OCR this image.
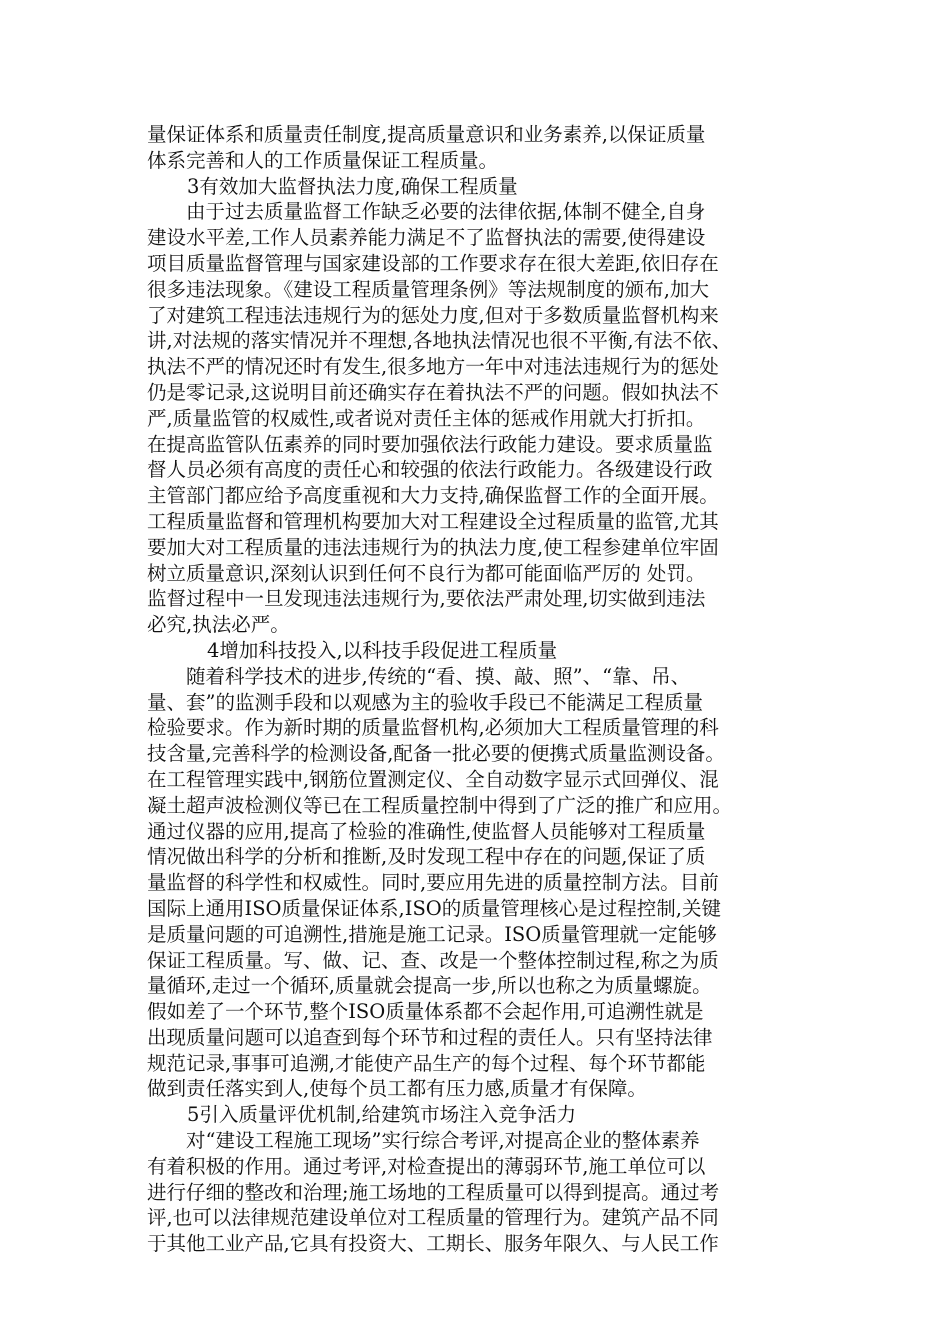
量保证体系和质量责任制度,提高质量意识和业务素养,以保证质量
体系完善和人的工作质量保证工程质量。
3有效加大监督执法力度,确保工程质量
由于过去质量监督工作缺乏必要的法律依据,体制不健全,自身
建设水平差,工作人员素养能力满足不了监督执法的需要,使得建设
项目质量监督管理与国家建设部的工作要求存在很大差距,依旧存在
很多违法现象。《建设工程质量管理条例》等法规制度的颁布,加大
了对建筑工程违法违规行为的惩处力度,但对于多数质量监督机构来
讲,对法规的落实情况并不理想,各地执法情况也很不平衡,有法不依、
执法不严的情况还时有发生,很多地方一年中对违法违规行为的惩处
仍是零记录,这说明目前还确实存在着执法不严的问题。假如执法不
严,质量监管的权威性,或者说对责任主体的惩戒作用就大打折扣。
在提高监管队伍素养的同时要加强依法行政能力建设。要求质量监
督人员必须有高度的责任心和较强的依法行政能力。各级建设行政
主管部门都应给予高度重视和大力支持,确保监督工作的全面开展。
工程质量监督和管理机构要加大对工程建设全过程质量的监管,尤其
要加大对工程质量的违法违规行为的执法力度,使工程参建单位牢固
树立质量意识,深刻认识到任何不良行为都可能面临严厉的 处罚。
监督过程中一旦发现违法违规行为,要依法严肃处理,切实做到违法
必究,执法必严。
4增加科技投入,以科技手段促进工程质量
随着科学技术的进步,传统的“看、摸、敲、照”、“靠、吊、
量、套”的监测手段和以观感为主的验收手段已不能满足工程质量
检验要求。作为新时期的质量监督机构,必须加大工程质量管理的科
技含量,完善科学的检测设备,配备一批必要的便携式质量监测设备。
在工程管理实践中,钢筋位置测定仪、全自动数字显示式回弹仪、混
凝土超声波检测仪等已在工程质量控制中得到了广泛的推广和应用。
通过仪器的应用,提高了检验的准确性,使监督人员能够对工程质量
情况做出科学的分析和推断,及时发现工程中存在的问题,保证了质
量监督的科学性和权威性。同时,要应用先进的质量控制方法。目前
国际上通用ISO质量保证体系,ISO的质量管理核心是过程控制,关键
是质量问题的可追溯性,措施是施工记录。ISO质量管理就一定能够
保证工程质量。写、做、记、查、改是一个整体控制过程,称之为质
量循环,走过一个循环,质量就会提高一步,所以也称之为质量螺旋。
假如差了一个环节,整个ISO质量体系都不会起作用,可追溯性就是
出现质量问题可以追查到每个环节和过程的责任人。只有坚持法律
规范记录,事事可追溯,才能使产品生产的每个过程、每个环节都能
做到责任落实到人,使每个员工都有压力感,质量才有保障。
5引入质量评优机制,给建筑市场注入竞争活力
对“建设工程施工现场”实行综合考评,对提高企业的整体素养
有着积极的作用。通过考评,对检查提出的薄弱环节,施工单位可以
进行仔细的整改和治理;施工场地的工程质量可以得到提高。通过考
评,也可以法律规范建设单位对工程质量的管理行为。建筑产品不同
于其他工业产品,它具有投资大、工期长、服务年限久、与人民工作
